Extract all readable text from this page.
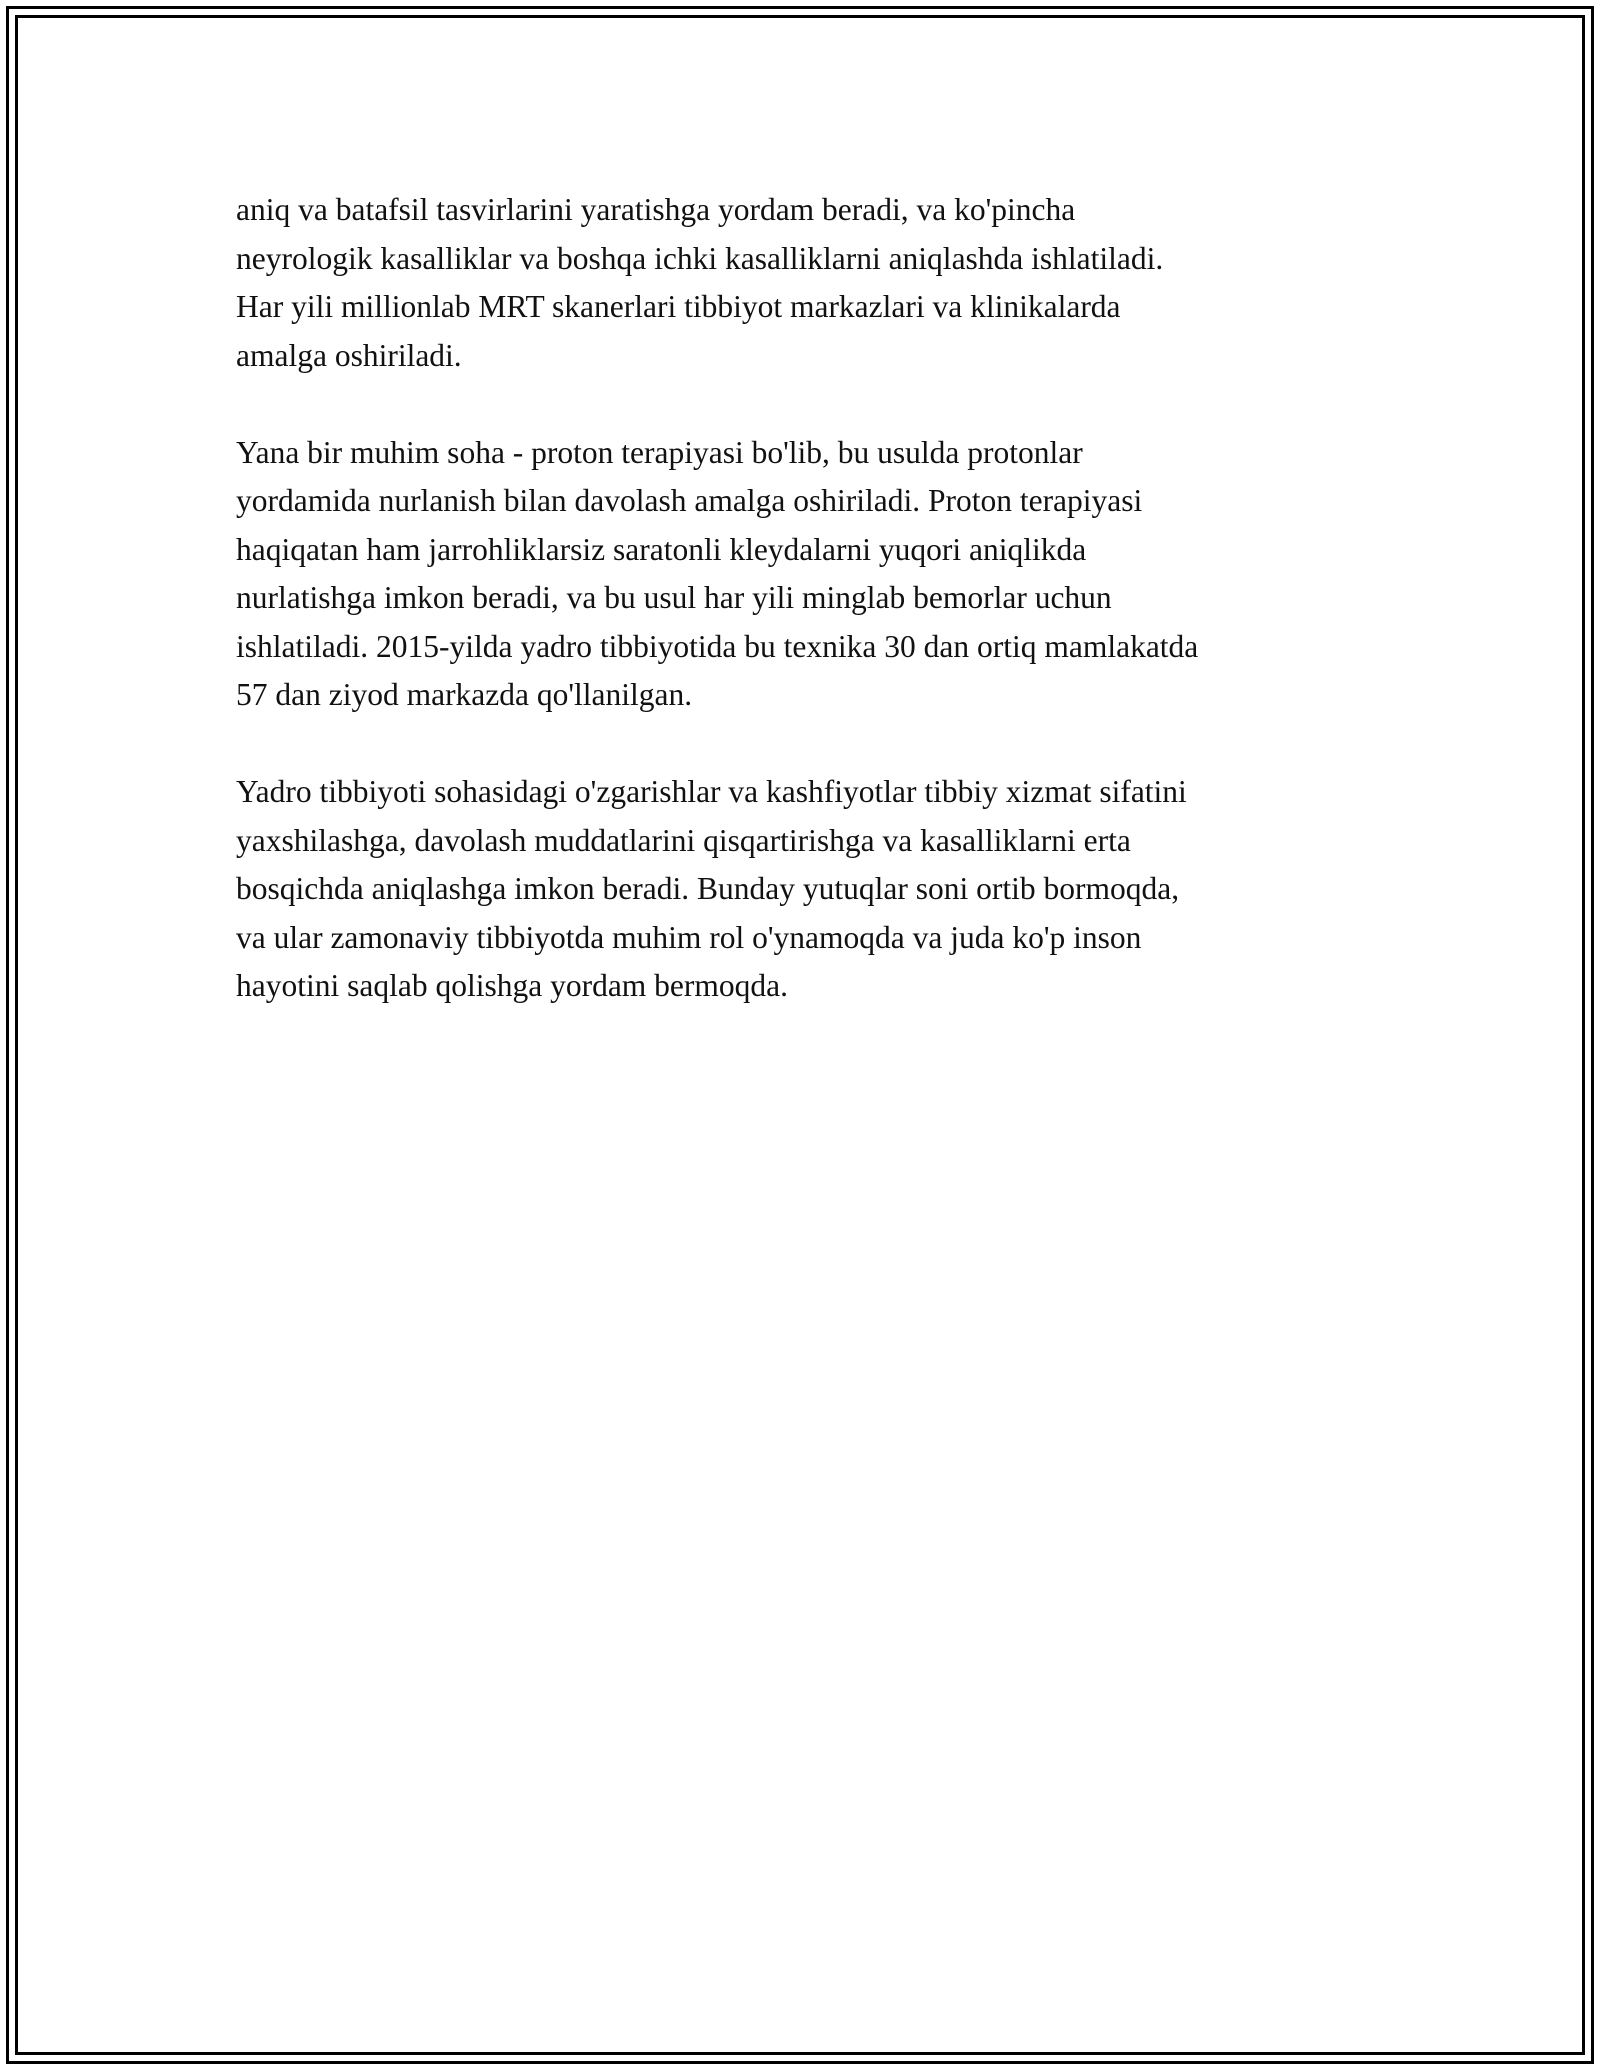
aniq va batafsil tasvirlarini yaratishga yordam beradi, va ko'pincha
neyrologik kasalliklar va boshqa ichki kasalliklarni aniqlashda ishlatiladi.
Har yili millionlab MRT skanerlari tibbiyot markazlari va klinikalarda
amalga oshiriladi.

Yana bir muhim soha - proton terapiyasi bo'lib, bu usulda protonlar
yordamida nurlanish bilan davolash amalga oshiriladi. Proton terapiyasi
haqiqatan ham jarrohliklarsiz saratonli kleydalarni yuqori aniqlikda
nurlatishga imkon beradi, va bu usul har yili minglab bemorlar uchun
ishlatiladi. 2015-yilda yadro tibbiyotida bu texnika 30 dan ortiq mamlakatda
57 dan ziyod markazda qo'llanilgan.

Yadro tibbiyoti sohasidagi o'zgarishlar va kashfiyotlar tibbiy xizmat sifatini
yaxshilashga, davolash muddatlarini qisqartirishga va kasalliklarni erta
bosqichda aniqlashga imkon beradi. Bunday yutuqlar soni ortib bormoqda,
va ular zamonaviy tibbiyotda muhim rol o'ynamoqda va juda ko'p inson
hayotini saqlab qolishga yordam bermoqda.
